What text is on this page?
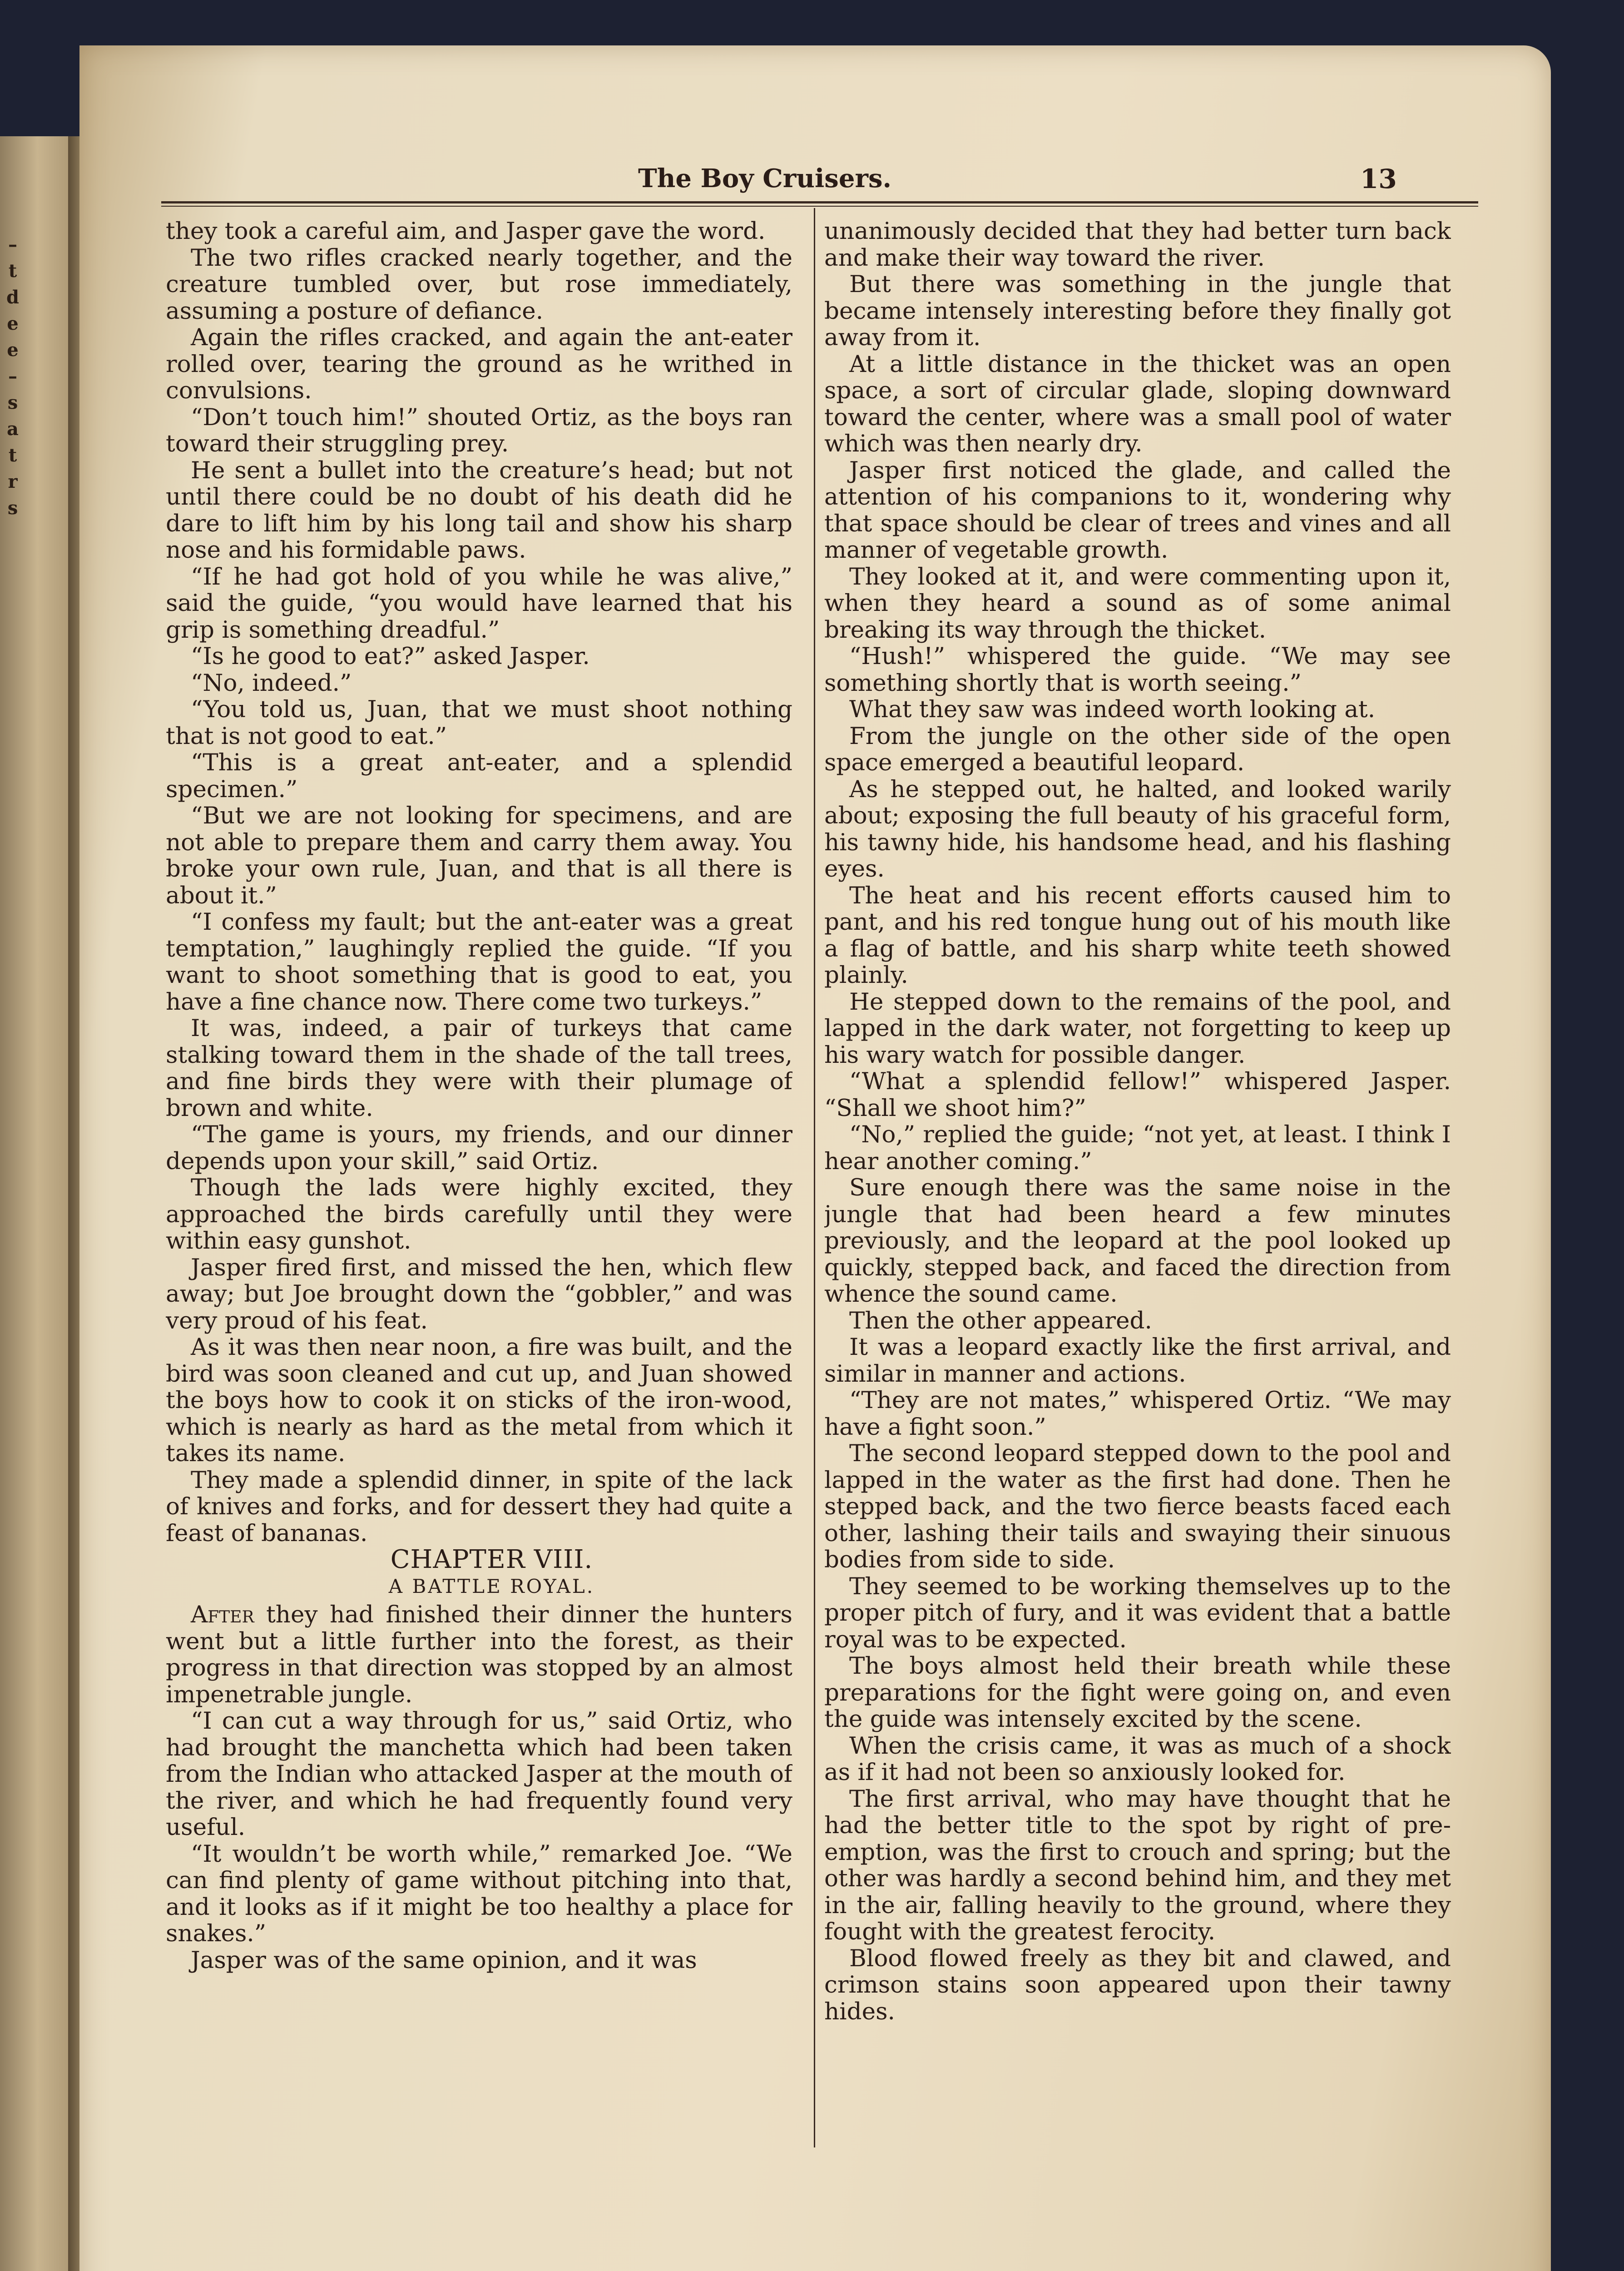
–
t
d
e
e
–
s
a
t
r
s
The Boy Cruisers.	13

they took a careful aim, and Jasper gave the word.

The two rifles cracked nearly together, and the creature tumbled over, but rose immediately, assuming a posture of defiance.

Again the rifles cracked, and again the ant-eater rolled over, tearing the ground as he writhed in convulsions.

“Don’t touch him!” shouted Ortiz, as the boys ran toward their struggling prey.

He sent a bullet into the creature’s head; but not until there could be no doubt of his death did he dare to lift him by his long tail and show his sharp nose and his formidable paws.

“If he had got hold of you while he was alive,” said the guide, “you would have learned that his grip is something dreadful.”

“Is he good to eat?” asked Jasper.

“No, indeed.”

“You told us, Juan, that we must shoot nothing that is not good to eat.”

“This is a great ant-eater, and a splendid specimen.”

“But we are not looking for specimens, and are not able to prepare them and carry them away. You broke your own rule, Juan, and that is all there is about it.”

“I confess my fault; but the ant-eater was a great temptation,” laughingly replied the guide. “If you want to shoot something that is good to eat, you have a fine chance now. There come two turkeys.”

It was, indeed, a pair of turkeys that came stalking toward them in the shade of the tall trees, and fine birds they were with their plumage of brown and white.

“The game is yours, my friends, and our dinner depends upon your skill,” said Ortiz.

Though the lads were highly excited, they approached the birds carefully until they were within easy gunshot.

Jasper fired first, and missed the hen, which flew away; but Joe brought down the “gobbler,” and was very proud of his feat.

As it was then near noon, a fire was built, and the bird was soon cleaned and cut up, and Juan showed the boys how to cook it on sticks of the iron-wood, which is nearly as hard as the metal from which it takes its name.

They made a splendid dinner, in spite of the lack of knives and forks, and for dessert they had quite a feast of bananas.

CHAPTER VIII.

A BATTLE ROYAL.

After they had finished their dinner the hunters went but a little further into the forest, as their progress in that direction was stopped by an almost impenetrable jungle.

“I can cut a way through for us,” said Ortiz, who had brought the manchetta which had been taken from the Indian who attacked Jasper at the mouth of the river, and which he had frequently found very useful.

“It wouldn’t be worth while,” remarked Joe. “We can find plenty of game without pitching into that, and it looks as if it might be too healthy a place for snakes.”

Jasper was of the same opinion, and it was

unanimously decided that they had better turn back and make their way toward the river.

But there was something in the jungle that became intensely interesting before they finally got away from it.

At a little distance in the thicket was an open space, a sort of circular glade, sloping downward toward the center, where was a small pool of water which was then nearly dry.

Jasper first noticed the glade, and called the attention of his companions to it, wondering why that space should be clear of trees and vines and all manner of vegetable growth.

They looked at it, and were commenting upon it, when they heard a sound as of some animal breaking its way through the thicket.

“Hush!” whispered the guide. “We may see something shortly that is worth seeing.”

What they saw was indeed worth looking at.

From the jungle on the other side of the open space emerged a beautiful leopard.

As he stepped out, he halted, and looked warily about; exposing the full beauty of his graceful form, his tawny hide, his handsome head, and his flashing eyes.

The heat and his recent efforts caused him to pant, and his red tongue hung out of his mouth like a flag of battle, and his sharp white teeth showed plainly.

He stepped down to the remains of the pool, and lapped in the dark water, not forgetting to keep up his wary watch for possible danger.

“What a splendid fellow!” whispered Jasper. “Shall we shoot him?”

“No,” replied the guide; “not yet, at least. I think I hear another coming.”

Sure enough there was the same noise in the jungle that had been heard a few minutes previously, and the leopard at the pool looked up quickly, stepped back, and faced the direction from whence the sound came.

Then the other appeared.

It was a leopard exactly like the first arrival, and similar in manner and actions.

“They are not mates,” whispered Ortiz. “We may have a fight soon.”

The second leopard stepped down to the pool and lapped in the water as the first had done. Then he stepped back, and the two fierce beasts faced each other, lashing their tails and swaying their sinuous bodies from side to side.

They seemed to be working themselves up to the proper pitch of fury, and it was evident that a battle royal was to be expected.

The boys almost held their breath while these preparations for the fight were going on, and even the guide was intensely excited by the scene.

When the crisis came, it was as much of a shock as if it had not been so anxiously looked for.

The first arrival, who may have thought that he had the better title to the spot by right of pre-emption, was the first to crouch and spring; but the other was hardly a second behind him, and they met in the air, falling heavily to the ground, where they fought with the greatest ferocity.

Blood flowed freely as they bit and clawed, and crimson stains soon appeared upon their tawny hides.
